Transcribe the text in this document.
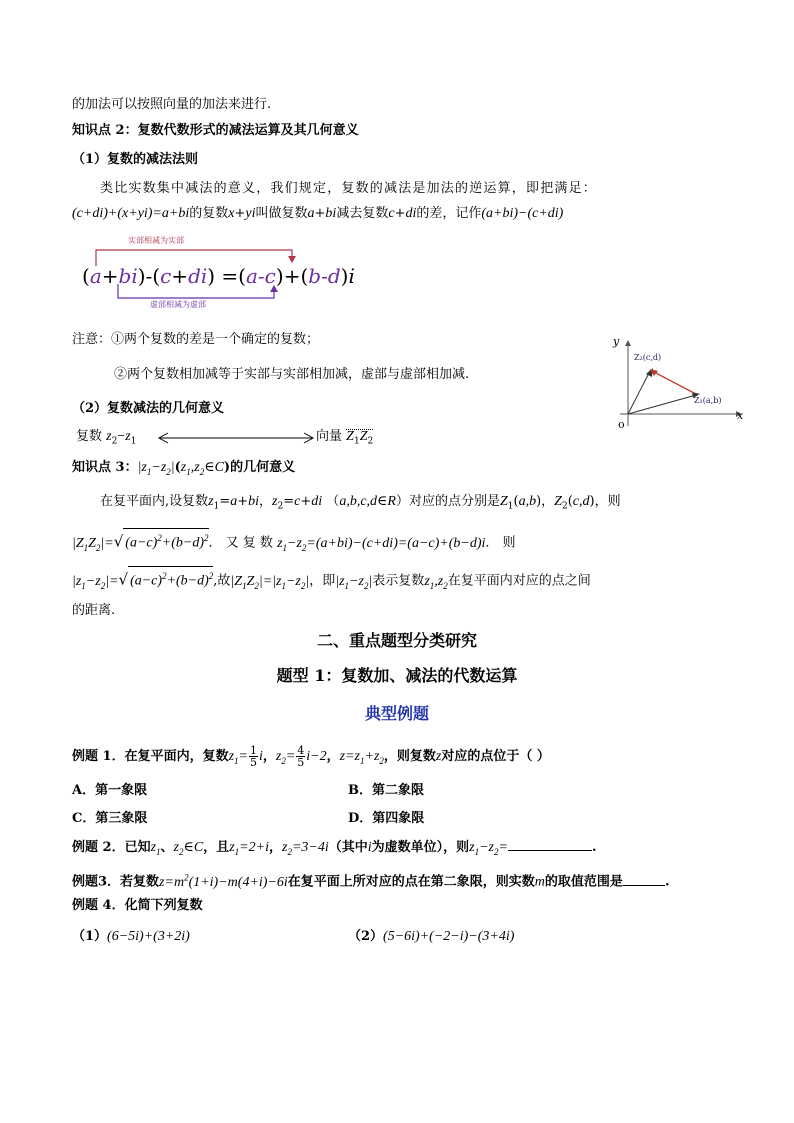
的加法可以按照向量的加法来进行.
知识点 2：复数代数形式的减法运算及其几何意义
（1）复数的减法法则
类比实数集中减法的意义，我们规定，复数的减法是加法的逆运算，即把满足：
(c+di)+(x+yi)=a+bi的复数x+yi叫做复数a+bi减去复数c+di的差，记作(a+bi)−(c+di)
实部相减为实部
虚部相减为虚部
(a+bi)-(c+di) =(a-c)+(b-d)i
注意：①两个复数的差是一个确定的复数；
②两个复数相加减等于实部与实部相加减，虚部与虚部相加减.
y
x
o
Z₂(c,d)
Z₁(a,b)
（2）复数减法的几何意义
复数 $z_2-z_1$	向量 $Z_1Z_2$
知识点 3：$|z_1-z_2|(z_1,z_2\in C)$的几何意义
在复平面内,设复数$z_1=a+bi$，$z_2=c+di$ （a,b,c,d∈R）对应的点分别是$Z_1(a,b)$，$Z_2(c,d)$，则
$|Z_1Z_2|=√$ $(a-c)^2+(b-d)^2$． 又 复 数 $z_1-z_2=(a+bi)-(c+di)=(a-c)+(b-d)i$． 则
$|z_1-z_2|=√$ $(a-c)^2+(b-d)^2$,故$|Z_1Z_2|=|z_1-z_2|$，即$|z_1-z_2|$表示复数$z_1,z_2$在复平面内对应的点之间
的距离.
二、重点题型分类研究
题型 1：复数加、减法的代数运算
典型例题
例题 1．在复平面内，复数$z_1= \frac{1}{5}$ i，$z_2= \frac{4}{5} i-2$，$z=z_1+z_2$，则复数z对应的点位于（ ）
A．第一象限	B．第二象限
C．第三象限	D．第四象限
例题 2．已知$z_1$、$z_2\in C$，且$z_1=2+i$，$z_2=3-4i$（其中i为虚数单位），则$z_1-z_2=$	.
例题3．若复数$z=m^2(1+i)-m(4+i)-6i$在复平面上所对应的点在第二象限，则实数m的取值范围是	.
例题 4．化简下列复数
（1）(6−5i)+(3+2i)	（2）(5−6i)+(−2−i)−(3+4i)
